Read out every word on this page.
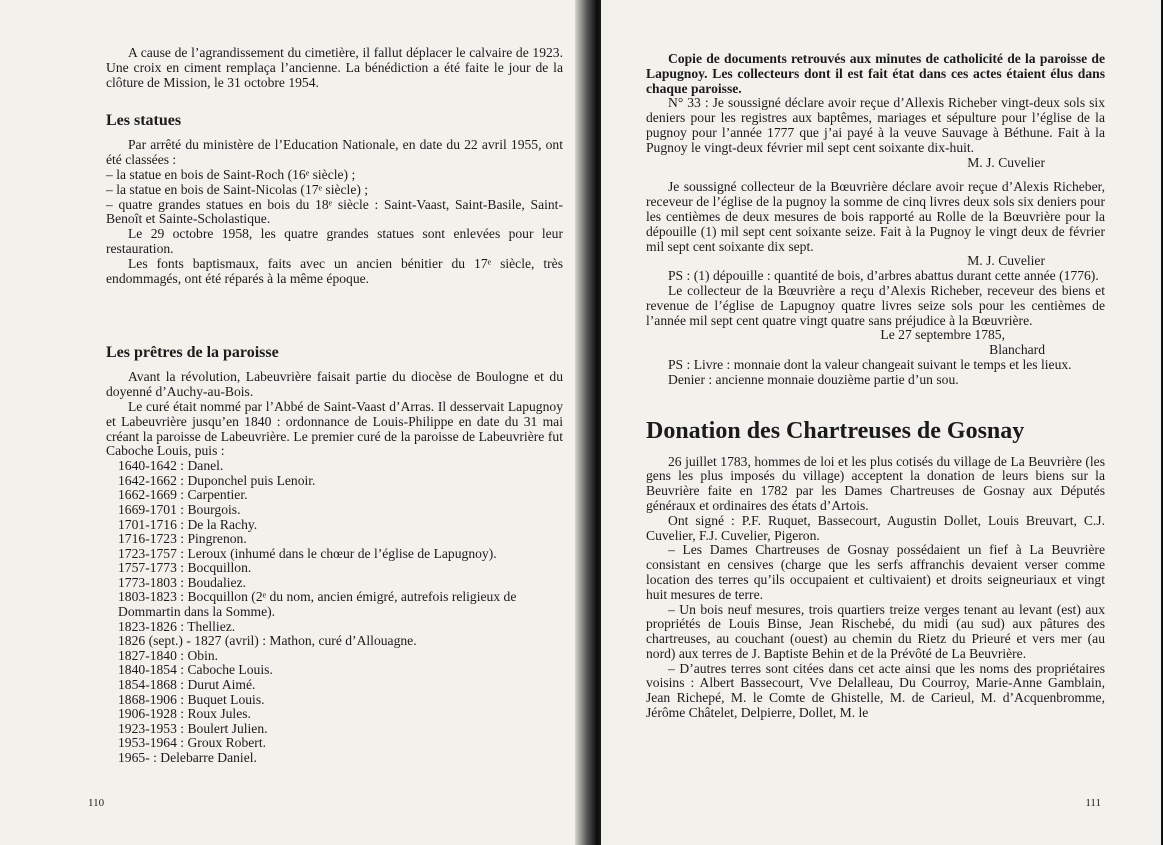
A cause de l’agrandissement du cimetière, il fallut déplacer le calvaire de 1923. Une croix en ciment remplaça l’ancienne. La bénédiction a été faite le jour de la clôture de Mission, le 31 octobre 1954.

Les statues

Par arrêté du ministère de l’Education Nationale, en date du 22 avril 1955, ont été classées :

– la statue en bois de Saint-Roch (16ᵉ siècle) ;

– la statue en bois de Saint-Nicolas (17ᵉ siècle) ;

– quatre grandes statues en bois du 18ᵉ siècle : Saint-Vaast, Saint-Basile, Saint-Benoît et Sainte-Scholastique.

Le 29 octobre 1958, les quatre grandes statues sont enlevées pour leur restauration.

Les fonts baptismaux, faits avec un ancien bénitier du 17ᵉ siècle, très endommagés, ont été réparés à la même époque.

Les prêtres de la paroisse

Avant la révolution, Labeuvrière faisait partie du diocèse de Boulogne et du doyenné d’Auchy-au-Bois.

Le curé était nommé par l’Abbé de Saint-Vaast d’Arras. Il desservait Lapugnoy et Labeuvrière jusqu’en 1840 : ordonnance de Louis-Philippe en date du 31 mai créant la paroisse de Labeuvrière. Le premier curé de la paroisse de Labeuvrière fut Caboche Louis, puis :

1640-1642 : Danel.
1642-1662 : Duponchel puis Lenoir.
1662-1669 : Carpentier.
1669-1701 : Bourgois.
1701-1716 : De la Rachy.
1716-1723 : Pingrenon.
1723-1757 : Leroux (inhumé dans le chœur de l’église de Lapugnoy).
1757-1773 : Bocquillon.
1773-1803 : Boudaliez.
1803-1823 : Bocquillon (2ᵉ du nom, ancien émigré, autrefois religieux de Dommartin dans la Somme).
1823-1826 : Thelliez.
1826 (sept.) - 1827 (avril) : Mathon, curé d’Allouagne.
1827-1840 : Obin.
1840-1854 : Caboche Louis.
1854-1868 : Durut Aimé.
1868-1906 : Buquet Louis.
1906-1928 : Roux Jules.
1923-1953 : Boulert Julien.
1953-1964 : Groux Robert.
1965- : Delebarre Daniel.
110

Copie de documents retrouvés aux minutes de catholicité de la paroisse de Lapugnoy. Les collecteurs dont il est fait état dans ces actes étaient élus dans chaque paroisse.

N° 33 : Je soussigné déclare avoir reçue d’Allexis Richeber vingt-deux sols six deniers pour les registres aux baptêmes, mariages et sépulture pour l’église de la pugnoy pour l’année 1777 que j’ai payé à la veuve Sauvage à Béthune. Fait à la Pugnoy le vingt-deux février mil sept cent soixante dix-huit.

M. J. Cuvelier

Je soussigné collecteur de la Bœuvrière déclare avoir reçue d’Alexis Richeber, receveur de l’église de la pugnoy la somme de cinq livres deux sols six deniers pour les centièmes de deux mesures de bois rapporté au Rolle de la Bœuvrière pour la dépouille (1) mil sept cent soixante seize. Fait à la Pugnoy le vingt deux de février mil sept cent soixante dix sept.

M. J. Cuvelier

PS : (1) dépouille : quantité de bois, d’arbres abattus durant cette année (1776).

Le collecteur de la Bœuvrière a reçu d’Alexis Richeber, receveur des biens et revenue de l’église de Lapugnoy quatre livres seize sols pour les centièmes de l’année mil sept cent quatre vingt quatre sans préjudice à la Bœuvrière.

Le 27 septembre 1785,

Blanchard

PS : Livre : monnaie dont la valeur changeait suivant le temps et les lieux.

Denier : ancienne monnaie douzième partie d’un sou.

Donation des Chartreuses de Gosnay

26 juillet 1783, hommes de loi et les plus cotisés du village de La Beuvrière (les gens les plus imposés du village) acceptent la donation de leurs biens sur la Beuvrière faite en 1782 par les Dames Chartreuses de Gosnay aux Députés généraux et ordinaires des états d’Artois.

Ont signé : P.F. Ruquet, Bassecourt, Augustin Dollet, Louis Breuvart, C.J. Cuvelier, F.J. Cuvelier, Pigeron.

– Les Dames Chartreuses de Gosnay possédaient un fief à La Beuvrière consistant en censives (charge que les serfs affranchis devaient verser comme location des terres qu’ils occupaient et cultivaient) et droits seigneuriaux et vingt huit mesures de terre.

– Un bois neuf mesures, trois quartiers treize verges tenant au levant (est) aux propriétés de Louis Binse, Jean Rischebé, du midi (au sud) aux pâtures des chartreuses, au couchant (ouest) au chemin du Rietz du Prieuré et vers mer (au nord) aux terres de J. Baptiste Behin et de la Prévôté de La Beuvrière.

– D’autres terres sont citées dans cet acte ainsi que les noms des propriétaires voisins : Albert Bassecourt, Vve Delalleau, Du Courroy, Marie-Anne Gamblain, Jean Richepé, M. le Comte de Ghistelle, M. de Carieul, M. d’Acquenbromme, Jérôme Châtelet, Delpierre, Dollet, M. le

111
